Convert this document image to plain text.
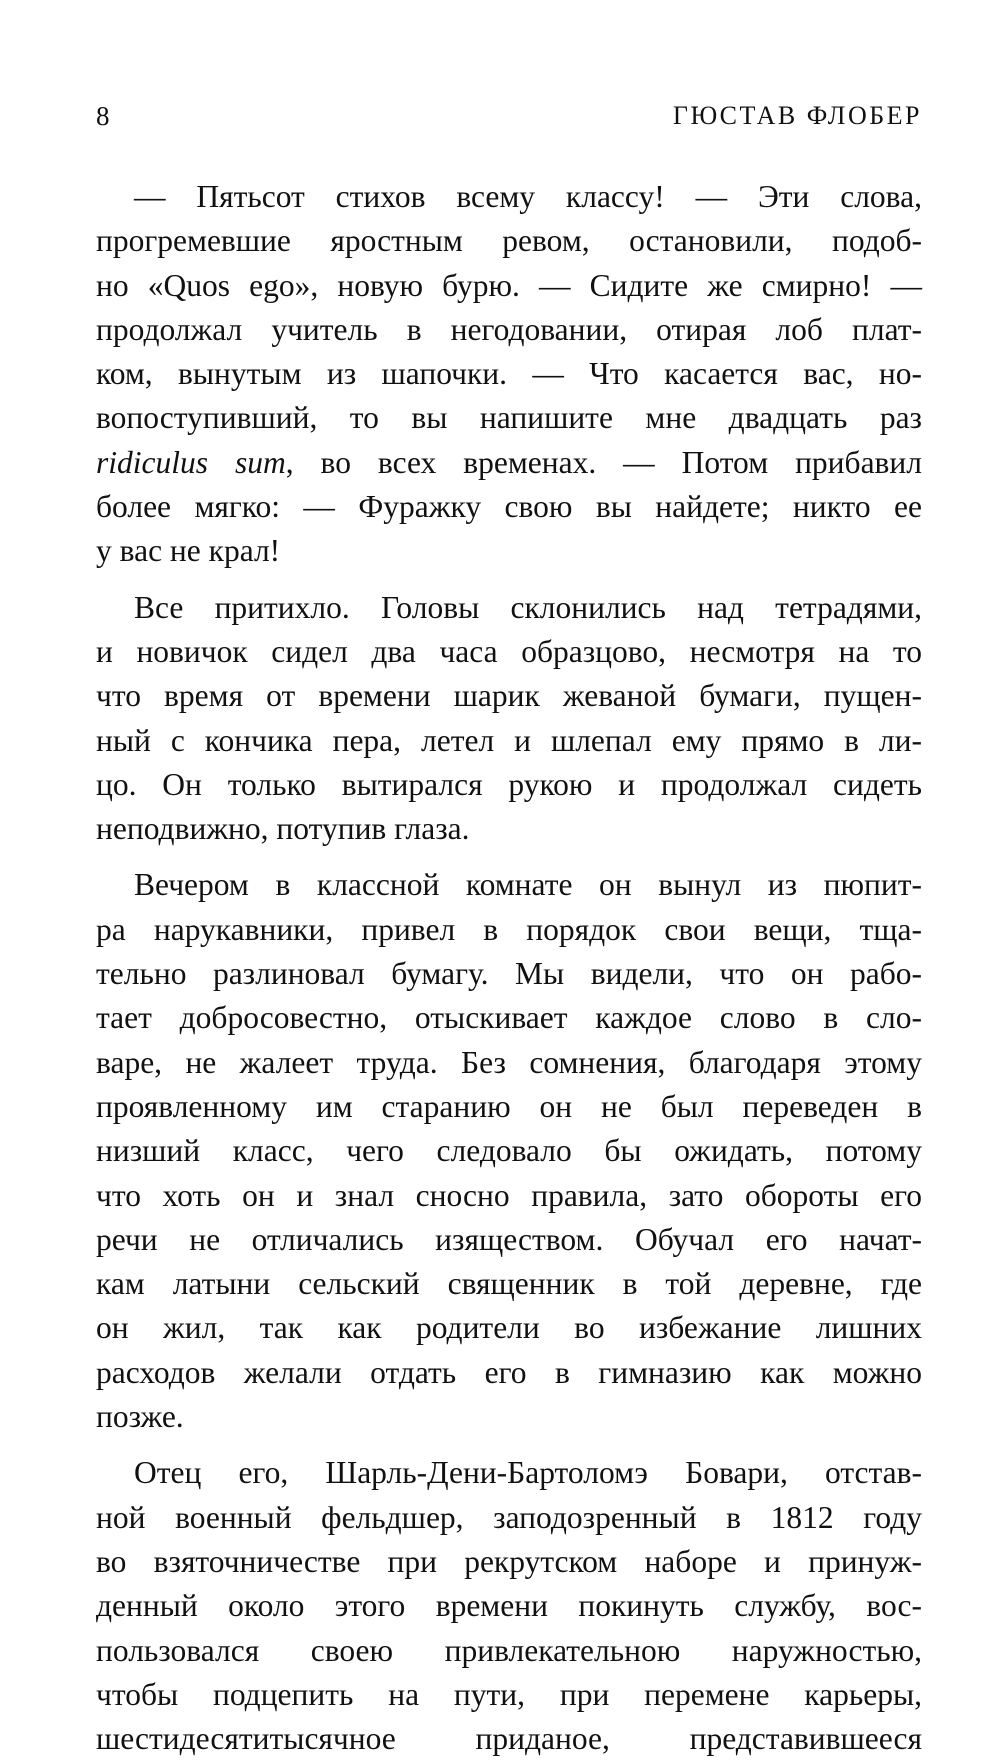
8	ГЮСТАВ ФЛОБЕР
— Пятьсот стихов всему классу! — Эти слова,
прогремевшие яростным ревом, остановили, подоб-
но «Quos ego», новую бурю. — Сидите же смирно! —
продолжал учитель в негодовании, отирая лоб плат-
ком, вынутым из шапочки. — Что касается вас, но-
вопоступивший, то вы напишите мне двадцать раз
ridiculus sum, во всех временах. — Потом прибавил
более мягко: — Фуражку свою вы найдете; никто ее
у вас не крал!
Все притихло. Головы склонились над тетрадями,
и новичок сидел два часа образцово, несмотря на то
что время от времени шарик жеваной бумаги, пущен-
ный с кончика пера, летел и шлепал ему прямо в ли-
цо. Он только вытирался рукою и продолжал сидеть
неподвижно, потупив глаза.
Вечером в классной комнате он вынул из пюпит-
ра нарукавники, привел в порядок свои вещи, тща-
тельно разлиновал бумагу. Мы видели, что он рабо-
тает добросовестно, отыскивает каждое слово в сло-
варе, не жалеет труда. Без сомнения, благодаря этому
проявленному им старанию он не был переведен в
низший класс, чего следовало бы ожидать, потому
что хоть он и знал сносно правила, зато обороты его
речи не отличались изяществом. Обучал его начат-
кам латыни сельский священник в той деревне, где
он жил, так как родители во избежание лишних
расходов желали отдать его в гимназию как можно
позже.
Отец его, Шарль-Дени-Бартоломэ Бовари, отстав-
ной военный фельдшер, заподозренный в 1812 году
во взяточничестве при рекрутском наборе и принуж-
денный около этого времени покинуть службу, вос-
пользовался своею привлекательною наружностью,
чтобы подцепить на пути, при перемене карьеры,
шестидесятитысячное приданое, представившееся
